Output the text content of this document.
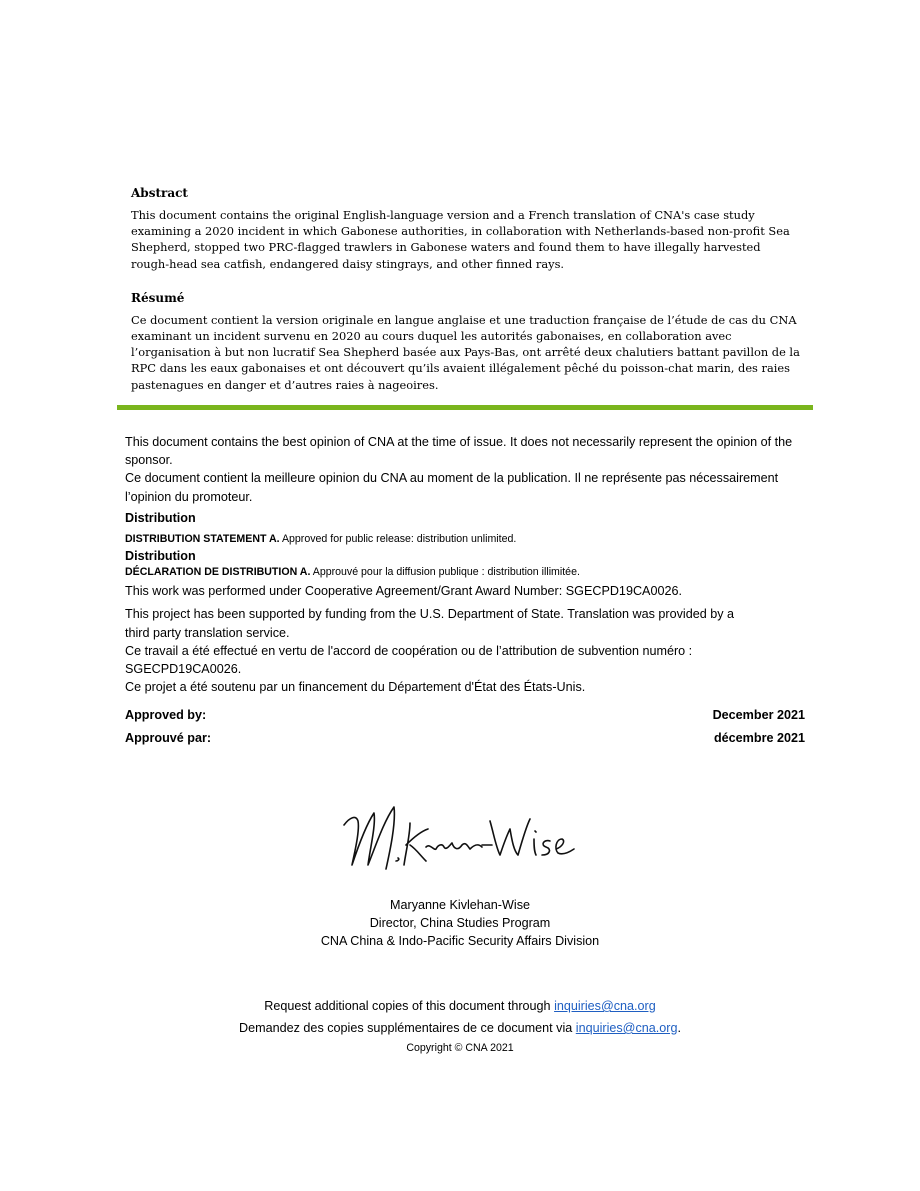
Abstract

This document contains the original English-language version and a French translation of CNA's case study examining a 2020 incident in which Gabonese authorities, in collaboration with Netherlands-based non-profit Sea Shepherd, stopped two PRC-flagged trawlers in Gabonese waters and found them to have illegally harvested rough-head sea catfish, endangered daisy stingrays, and other finned rays.

Résumé

Ce document contient la version originale en langue anglaise et une traduction française de l’étude de cas du CNA examinant un incident survenu en 2020 au cours duquel les autorités gabonaises, en collaboration avec l’organisation à but non lucratif Sea Shepherd basée aux Pays-Bas, ont arrêté deux chalutiers battant pavillon de la RPC dans les eaux gabonaises et ont découvert qu’ils avaient illégalement pêché du poisson-chat marin, des raies pastenagues en danger et d’autres raies à nageoires.

This document contains the best opinion of CNA at the time of issue. It does not necessarily represent the opinion of the sponsor.

Ce document contient la meilleure opinion du CNA au moment de la publication. Il ne représente pas nécessairement l’opinion du promoteur.

Distribution

DISTRIBUTION STATEMENT A. Approved for public release: distribution unlimited.

Distribution

DÉCLARATION DE DISTRIBUTION A. Approuvé pour la diffusion publique : distribution illimitée.

This work was performed under Cooperative Agreement/Grant Award Number: SGECPD19CA0026.

This project has been supported by funding from the U.S. Department of State. Translation was provided by a third party translation service.

Ce travail a été effectué en vertu de l'accord de coopération ou de l’attribution de subvention numéro : SGECPD19CA0026.

Ce projet a été soutenu par un financement du Département d'État des États-Unis.

Approved by:	December 2021
Approuvé par:	décembre 2021
Maryanne Kivlehan-Wise
Director, China Studies Program
CNA China & Indo-Pacific Security Affairs Division
Request additional copies of this document through inquiries@cna.org
Demandez des copies supplémentaires de ce document via inquiries@cna.org.
Copyright © CNA 2021
